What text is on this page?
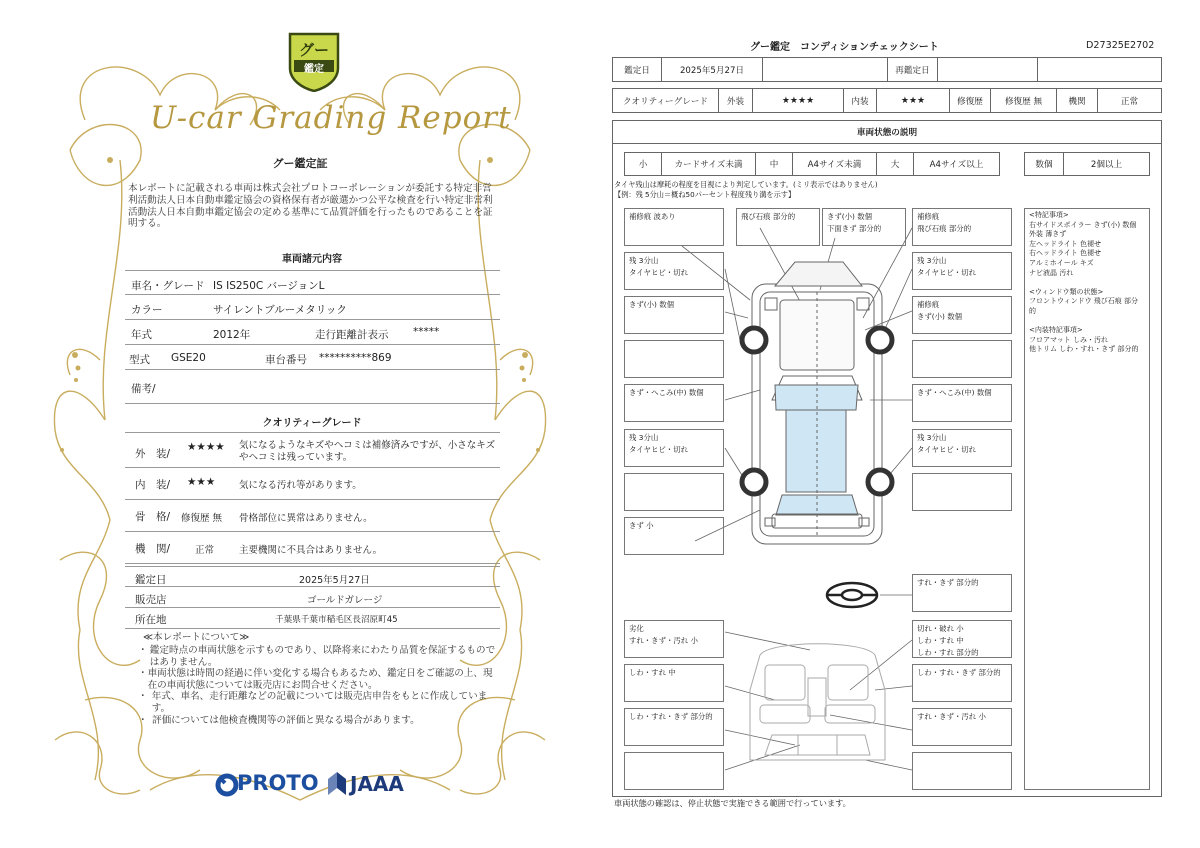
グー
鑑定
U-car Grading Report
グー鑑定証
本レポートに記載される車両は株式会社プロトコーポレーションが委託する特定非営利活動法人日本自動車鑑定協会の資格保有者が厳選かつ公平な検査を行い特定非営利活動法人日本自動車鑑定協会の定める基準にて品質評価を行ったものであることを証明する。
車両諸元内容
車名・グレード IS IS250C バージョンL
カラー	サイレントブルーメタリック
年式	2012年	走行距離計表示 *****
型式 GSE20	車台番号 **********869
備考/
クオリティーグレード
外　装/
★★★★ 気になるようなキズやヘコミは補修済みですが、小さなキズやヘコミは残っています。
内　装/ ★★★	気になる汚れ等があります。
骨　格/ 修復歴 無 骨格部位に異常はありません。
機　関/	正常	主要機関に不具合はありません。
鑑定日	2025年5月27日
販売店	ゴールドガレージ
所在地	千葉県千葉市稲毛区長沼原町45
≪本レポートについて≫
・ 鑑定時点の車両状態を示すものであり、以降将来にわたり品質を保証するものではありません。
・ 車両状態は時間の経過に伴い変化する場合もあるため、鑑定日をご確認の上、現在の車両状態については販売店にお問合せください。
・ 年式、車名、走行距離などの記載については販売店申告をもとに作成しています。
・ 評価については他検査機関等の評価と異なる場合があります。
PROTO JAAA
グー鑑定　コンディションチェックシート	D27325E2702
鑑定日	2025年5月27日	再鑑定日
クオリティーグレード	外装	★★★★	内装	★★★	修復歴	修復歴 無	機関	正常
車両状態の説明
小	カードサイズ未満	中	A4サイズ未満	大	A4サイズ以上	数個	2個以上
タイヤ残山は摩耗の程度を目視により判定しています。(ミリ表示ではありません)
【例：残 5分山＝概ね50パーセント程度残り溝を示す】
補修痕 波あり
残 3分山
タイヤヒビ・切れ
きず(小) 数個
きず・へこみ(中) 数個
残 3分山
タイヤヒビ・切れ
きず 小
飛び石痕 部分的	きず(小) 数個
下面きず 部分的
補修痕
飛び石痕 部分的
残 3分山
タイヤヒビ・切れ
補修痕
きず(小) 数個
きず・へこみ(中) 数個
残 3分山
タイヤヒビ・切れ
すれ・きず 部分的
劣化
すれ・きず・汚れ 小
しわ・すれ 中
しわ・すれ・きず 部分的
切れ・破れ 小
しわ・すれ 中
しわ・すれ 部分的
しわ・すれ・きず 部分的
すれ・きず・汚れ 小
<特記事項>
右サイドスポイラー きず(小) 数個
外装 薄きず
左ヘッドライト 色褪せ
右ヘッドライト 色褪せ
アルミホイール キズ
ナビ液晶 汚れ

<ウィンドウ類の状態>
フロントウィンドウ 飛び石痕 部分的

<内装特記事項>
フロアマット しみ・汚れ
他トリム しわ・すれ・きず 部分的
車両状態の確認は、停止状態で実施できる範囲で行っています。
